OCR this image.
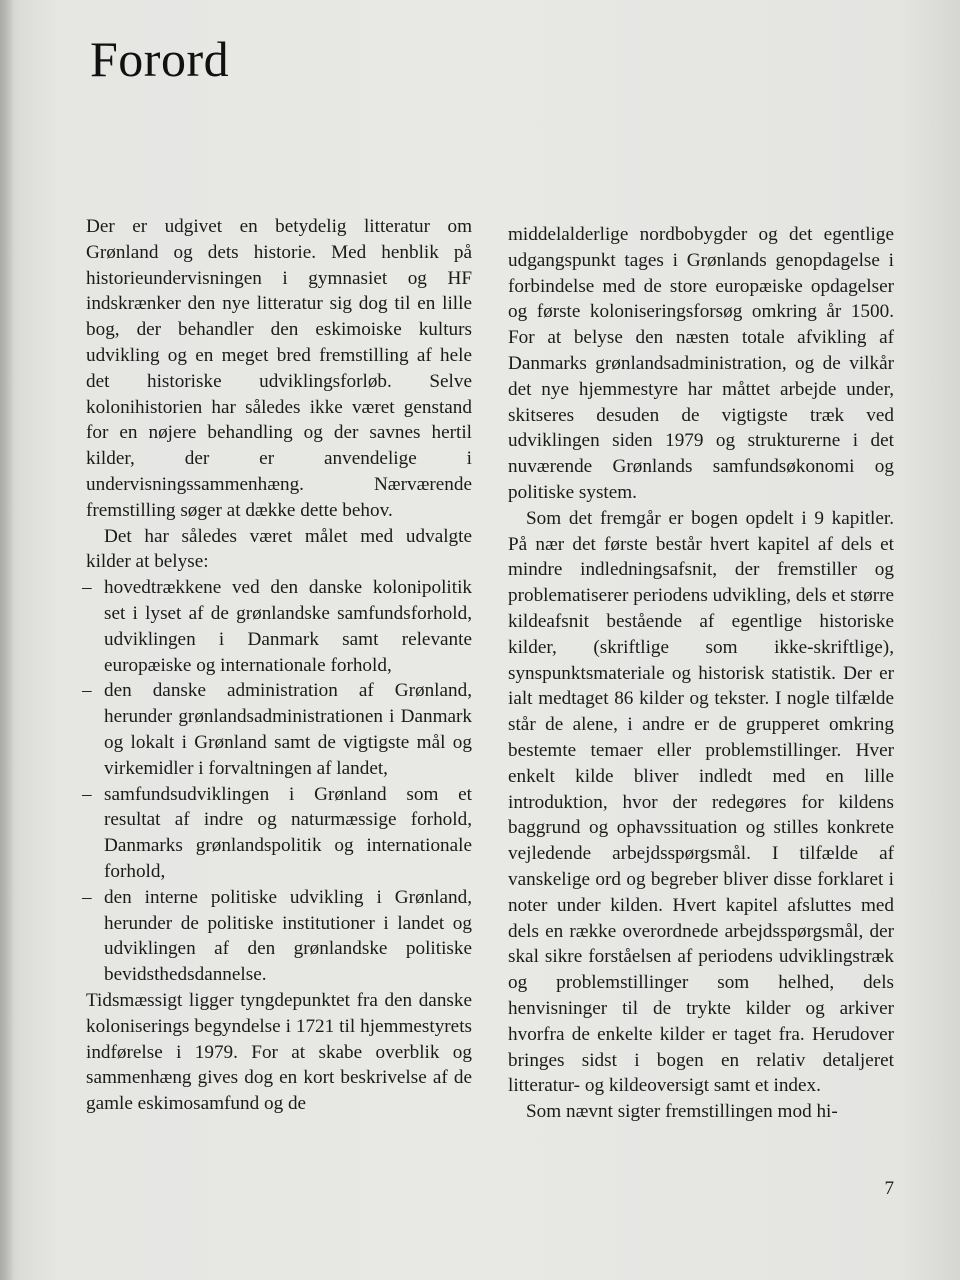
Forord

Der er udgivet en betydelig litteratur om Grønland og dets historie. Med henblik på historieundervisningen i gymnasiet og HF indskrænker den nye litteratur sig dog til en lille bog, der behandler den eskimoiske kulturs udvikling og en meget bred fremstilling af hele det historiske udviklingsforløb. Selve kolonihistorien har således ikke været genstand for en nøjere behandling og der savnes hertil kilder, der er anvendelige i undervisningssammenhæng. Nærværende fremstilling søger at dække dette behov.

Det har således været målet med udvalgte kilder at belyse:

– hovedtrækkene ved den danske kolonipolitik set i lyset af de grønlandske samfundsforhold, udviklingen i Danmark samt relevante europæiske og internationale forhold,
– den danske administration af Grønland, herunder grønlandsadministrationen i Danmark og lokalt i Grønland samt de vigtigste mål og virkemidler i forvaltningen af landet,
– samfundsudviklingen i Grønland som et resultat af indre og naturmæssige forhold, Danmarks grønlandspolitik og internationale forhold,
– den interne politiske udvikling i Grønland, herunder de politiske institutioner i landet og udviklingen af den grønlandske politiske bevidsthedsdannelse.

Tidsmæssigt ligger tyngdepunktet fra den danske koloniserings begyndelse i 1721 til hjemmestyrets indførelse i 1979. For at skabe overblik og sammenhæng gives dog en kort beskrivelse af de gamle eskimosamfund og de

middelalderlige nordbobygder og det egentlige udgangspunkt tages i Grønlands genopdagelse i forbindelse med de store europæiske opdagelser og første koloniseringsforsøg omkring år 1500. For at belyse den næsten totale afvikling af Danmarks grønlandsadministration, og de vilkår det nye hjemmestyre har måttet arbejde under, skitseres desuden de vigtigste træk ved udviklingen siden 1979 og strukturerne i det nuværende Grønlands samfundsøkonomi og politiske system.

Som det fremgår er bogen opdelt i 9 kapitler. På nær det første består hvert kapitel af dels et mindre indledningsafsnit, der fremstiller og problematiserer periodens udvikling, dels et større kildeafsnit bestående af egentlige historiske kilder, (skriftlige som ikke-skriftlige), synspunktsmateriale og historisk statistik. Der er ialt medtaget 86 kilder og tekster. I nogle tilfælde står de alene, i andre er de grupperet omkring bestemte temaer eller problemstillinger. Hver enkelt kilde bliver indledt med en lille introduktion, hvor der redegøres for kildens baggrund og ophavssituation og stilles konkrete vejledende arbejdsspørgsmål. I tilfælde af vanskelige ord og begreber bliver disse forklaret i noter under kilden. Hvert kapitel afsluttes med dels en række overordnede arbejdsspørgsmål, der skal sikre forståelsen af periodens udviklingstræk og problemstillinger som helhed, dels henvisninger til de trykte kilder og arkiver hvorfra de enkelte kilder er taget fra. Herudover bringes sidst i bogen en relativ detaljeret litteratur- og kildeoversigt samt et index.

Som nævnt sigter fremstillingen mod hi-

7
